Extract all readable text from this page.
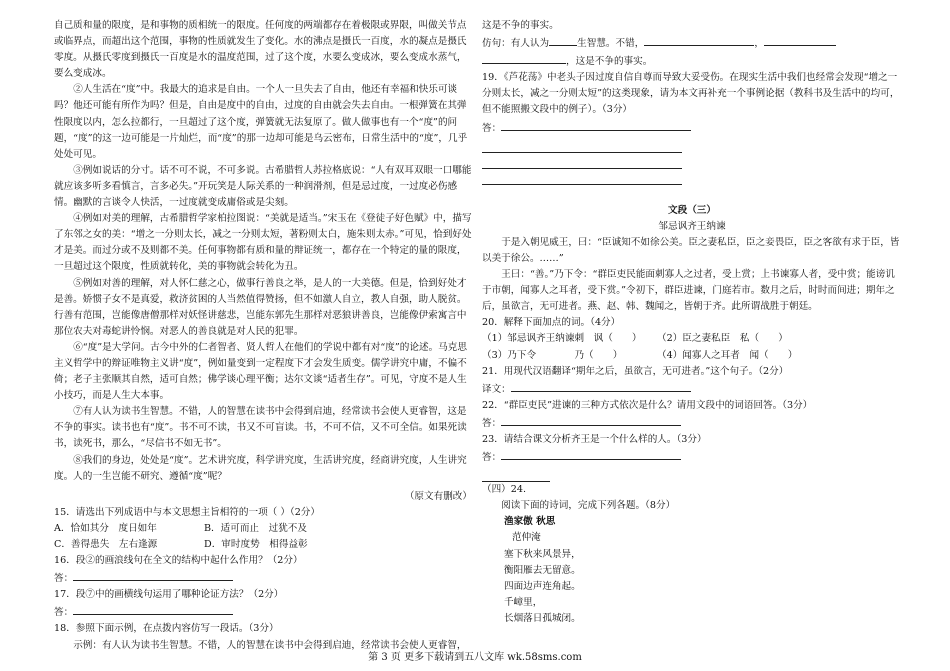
自己质和量的限度，是和事物的质相统一的限度。任何度的两端都存在着极限或界限，叫做关节点或临界点，而超出这个范围，事物的性质就发生了变化。水的沸点是摄氏一百度，水的凝点是摄氏零度。从摄氏零度到摄氏一百度是水的温度范围，过了这个度，水要么变成冰，要么变成水蒸气，要么变成冰。

②人生活在“度”中。我最大的追求是自由。一个人一旦失去了自由，他还有幸福和快乐可谈吗？他还可能有所作为吗？但是，自由是度中的自由，过度的自由就会失去自由。一根弹簧在其弹性限度以内，怎么拉都行，一旦超过了这个度，弹簧就无法复原了。做人做事也有一个“度”的问题，“度”的这一边可能是一片灿烂，而“度”的那一边却可能是乌云密布，日常生活中的“度”，几乎处处可见。

③例如说话的分寸。话不可不说，不可多说。古希腊哲人苏拉格底说：“人有双耳双眼一口哪能就应该多听多看慎言，言多必失。”开玩笑是人际关系的一种润滑剂，但是忌过度，一过度必伤感情。幽默的言谈令人快活，一过度就变成庸俗或是尖刻。

④例如对美的理解，古希腊哲学家柏拉图说：“美就是适当。”宋玉在《登徒子好色赋》中，描写了东邻之女的美：“增之一分则太长，减之一分则太短，著粉则太白，施朱则太赤。”可见，恰到好处才是美。而过分或不及则都不美。任何事物都有质和量的辩证统一，都存在一个特定的量的限度，一旦超过这个限度，性质就转化，美的事物就会转化为丑。

⑤例如对善的理解，对人怀仁慈之心，做事行善良之举，是人的一大美德。但是，恰到好处才是善。娇惯子女不是真爱，救济贫困的人当然值得赞扬，但不如激人自立，教人自强，助人脱贫。行善有范围，岂能像唐僧那样对妖怪讲慈悲，岂能东郭先生那样对恶狼讲善良，岂能像伊索寓言中那位农夫对毒蛇讲怜悯。对恶人的善良就是对人民的犯罪。

⑥“度”是大学问。古今中外的仁者智者、贤人哲人在他们的学说中都有对“度”的论述。马克思主义哲学中的辩证唯物主义讲“度”，例如量变到一定程度下才会发生质变。儒学讲究中庸，不偏不倚；老子主张顺其自然，适可自然；佛学谈心理平衡；达尔文谈“适者生存”。可见，守度不是人生小技巧，而是人生大本事。

⑦有人认为读书生智慧。不错，人的智慧在读书中会得到启迪，经常读书会使人更睿智，这是不争的事实。读书也有“度”。书不可不读，书又不可盲读。书，不可不信，又不可全信。如果死读书，读死书，那么，“尽信书不如无书”。

⑧我们的身边，处处是“度”。艺术讲究度，科学讲究度，生活讲究度，经商讲究度，人生讲究度。人的一生岂能不研究、遵循“度”呢？

（原文有删改）

15．请选出下列成语中与本文思想主旨相符的一项（ ）（2分）

A．恰如其分　度日如年	B．适可而止　过犹不及
C．善得患失　左右逢源	D．审时度势　相得益彰

16．段②的画浪线句在全文的结构中起什么作用？（2分）

答：

17．段⑦中的画横线句运用了哪种论证方法？（2分）

答：

18．参照下面示例，在点拨内容仿写一段话。（3分）

示例：有人认为读书生智慧。不错，人的智慧在读书中会得到启迪，经常读书会使人更睿智，

这是不争的事实。

仿句：有人认为	生智慧。不错，	，

，这是不争的事实。

19．《芦花荡》中老头子因过度自信自尊而导致大妥受伤。在现实生活中我们也经常会发现“增之一分则太长，减之一分则太短”的这类现象，请为本文再补充一个事例论据（教科书及生活中的均可，但不能照搬文段中的例子）。（3分）

答：

文段（三）

邹忌讽齐王纳谏

于是入朝见威王，曰：“臣诚知不如徐公美。臣之妻私臣，臣之妾畏臣，臣之客欲有求于臣，皆以美于徐公。……”

王曰：“善。”乃下令：“群臣吏民能面刺寡人之过者，受上赏；上书谏寡人者，受中赏；能谤讥于市朝，闻寡人之耳者，受下赏。”令初下，群臣进谏，门庭若市。数月之后，时时而间进；期年之后，虽欲言，无可进者。燕、赵、韩、魏闻之，皆朝于齐。此所谓战胜于朝廷。

20．解释下面加点的词。（4分）

（1）邹忌讽齐王纳谏刺　讽（　　）	（2）臣之妻私臣　私（　　）
（3）乃下令　　　　乃（　　）	（4）闻寡人之耳者　闻（　　）

21．用现代汉语翻译“期年之后，虽欲言，无可进者。”这个句子。（2分）

译文：

22．“群臣吏民”进谏的三种方式依次是什么？请用文段中的词语回答。（3分）

答：

23．请结合课文分析齐王是一个什么样的人。（3分）

答：

（四）24.

阅读下面的诗词，完成下列各题。（8分）

渔家傲 秋思

范仲淹

塞下秋来风景异，

衡阳雁去无留意。

四面边声连角起。

千嶂里，

长烟落日孤城闭。

第 3 页 更多下载请到五八文库 wk.58sms.com
